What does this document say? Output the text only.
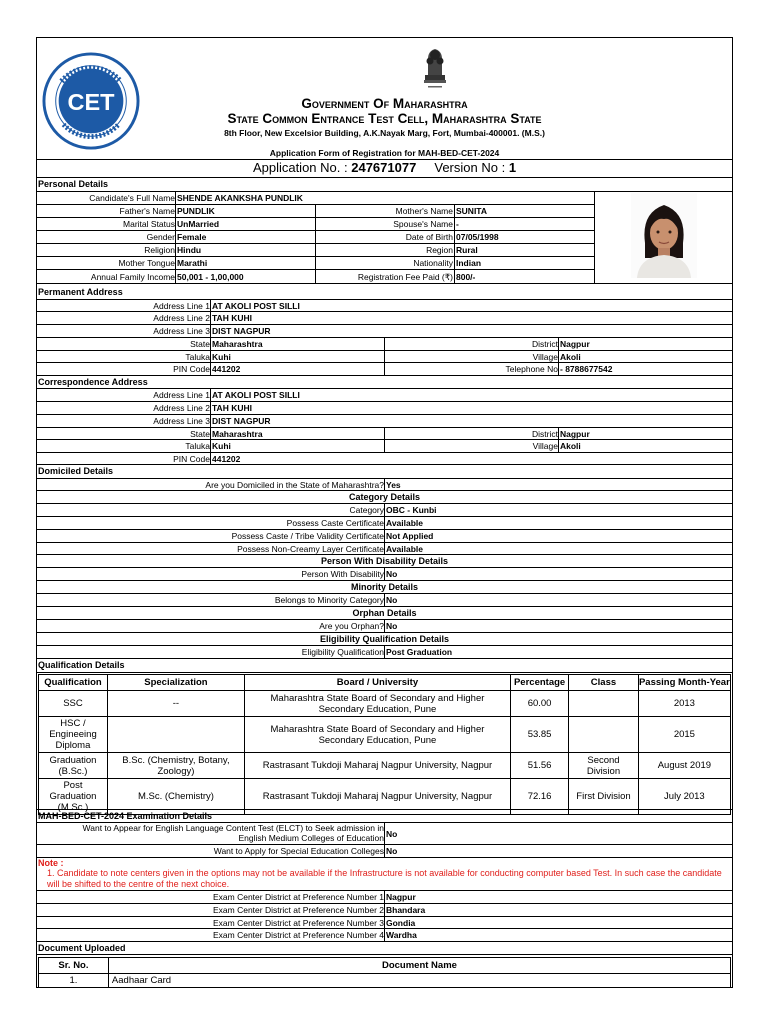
CET	Government Of Maharashtra
State Common Entrance Test Cell, Maharashtra State
8th Floor, New Excelsior Building, A.K.Nayak Marg, Fort, Mumbai-400001. (M.S.)
Application Form of Registration for MAH-BED-CET-2024
Application No. : 247671077 Version No : 1
Personal Details
Candidate's Full Name SHENDE AKANKSHA PUNDLIK
Father's Name PUNDLIK	Mother's Name SUNITA
Marital Status UnMarried	Spouse's Name -
Gender Female	Date of Birth 07/05/1998
Religion Hindu	Region Rural
Mother Tongue Marathi	Nationality Indian
Annual Family Income 50,001 - 1,00,000	Registration Fee Paid (₹) 800/-
Permanent Address
Address Line 1 AT AKOLI POST SILLI
Address Line 2 TAH KUHI
Address Line 3 DIST NAGPUR
State Maharashtra	District Nagpur
Taluka Kuhi	Village Akoli
PIN Code 441202	Telephone No - 8788677542
Correspondence Address
Address Line 1 AT AKOLI POST SILLI
Address Line 2 TAH KUHI
Address Line 3 DIST NAGPUR
State Maharashtra	District Nagpur
Taluka Kuhi	Village Akoli
PIN Code 441202
Domiciled Details
Are you Domiciled in the State of Maharashtra? Yes
Category Details
Category OBC - Kunbi
Possess Caste Certificate Available
Possess Caste / Tribe Validity Certificate Not Applied
Possess Non-Creamy Layer Certificate Available
Person With Disability Details
Person With Disability No
Minority Details
Belongs to Minority Category No
Orphan Details
Are you Orphan? No
Eligibility Qualification Details
Eligibility Qualification Post Graduation
Qualification Details
Qualification	Specialization	Board / University	Percentage	Class	Passing Month-Year
SSC	--	Maharashtra State Board of Secondary and Higher Secondary Education, Pune	60.00		2013
HSC / Engineeing Diploma		Maharashtra State Board of Secondary and Higher Secondary Education, Pune	53.85		2015
Graduation (B.Sc.)	B.Sc. (Chemistry, Botany, Zoology)	Rastrasant Tukdoji Maharaj Nagpur University, Nagpur	51.56	Second Division	August 2019
Post Graduation (M.Sc.)	M.Sc. (Chemistry)	Rastrasant Tukdoji Maharaj Nagpur University, Nagpur	72.16	First Division	July 2013
MAH-BED-CET-2024 Examination Details
Want to Appear for English Language Content Test (ELCT) to Seek admission in English Medium Colleges of Education No
Want to Apply for Special Education Colleges No
Note :
1. Candidate to note centers given in the options may not be available if the Infrastructure is not available for conducting computer based Test. In such case the candidate will be shifted to the centre of the next choice.
Exam Center District at Preference Number 1 Nagpur
Exam Center District at Preference Number 2 Bhandara
Exam Center District at Preference Number 3 Gondia
Exam Center District at Preference Number 4 Wardha
Document Uploaded
Sr. No.	Document Name
1.	Aadhaar Card
